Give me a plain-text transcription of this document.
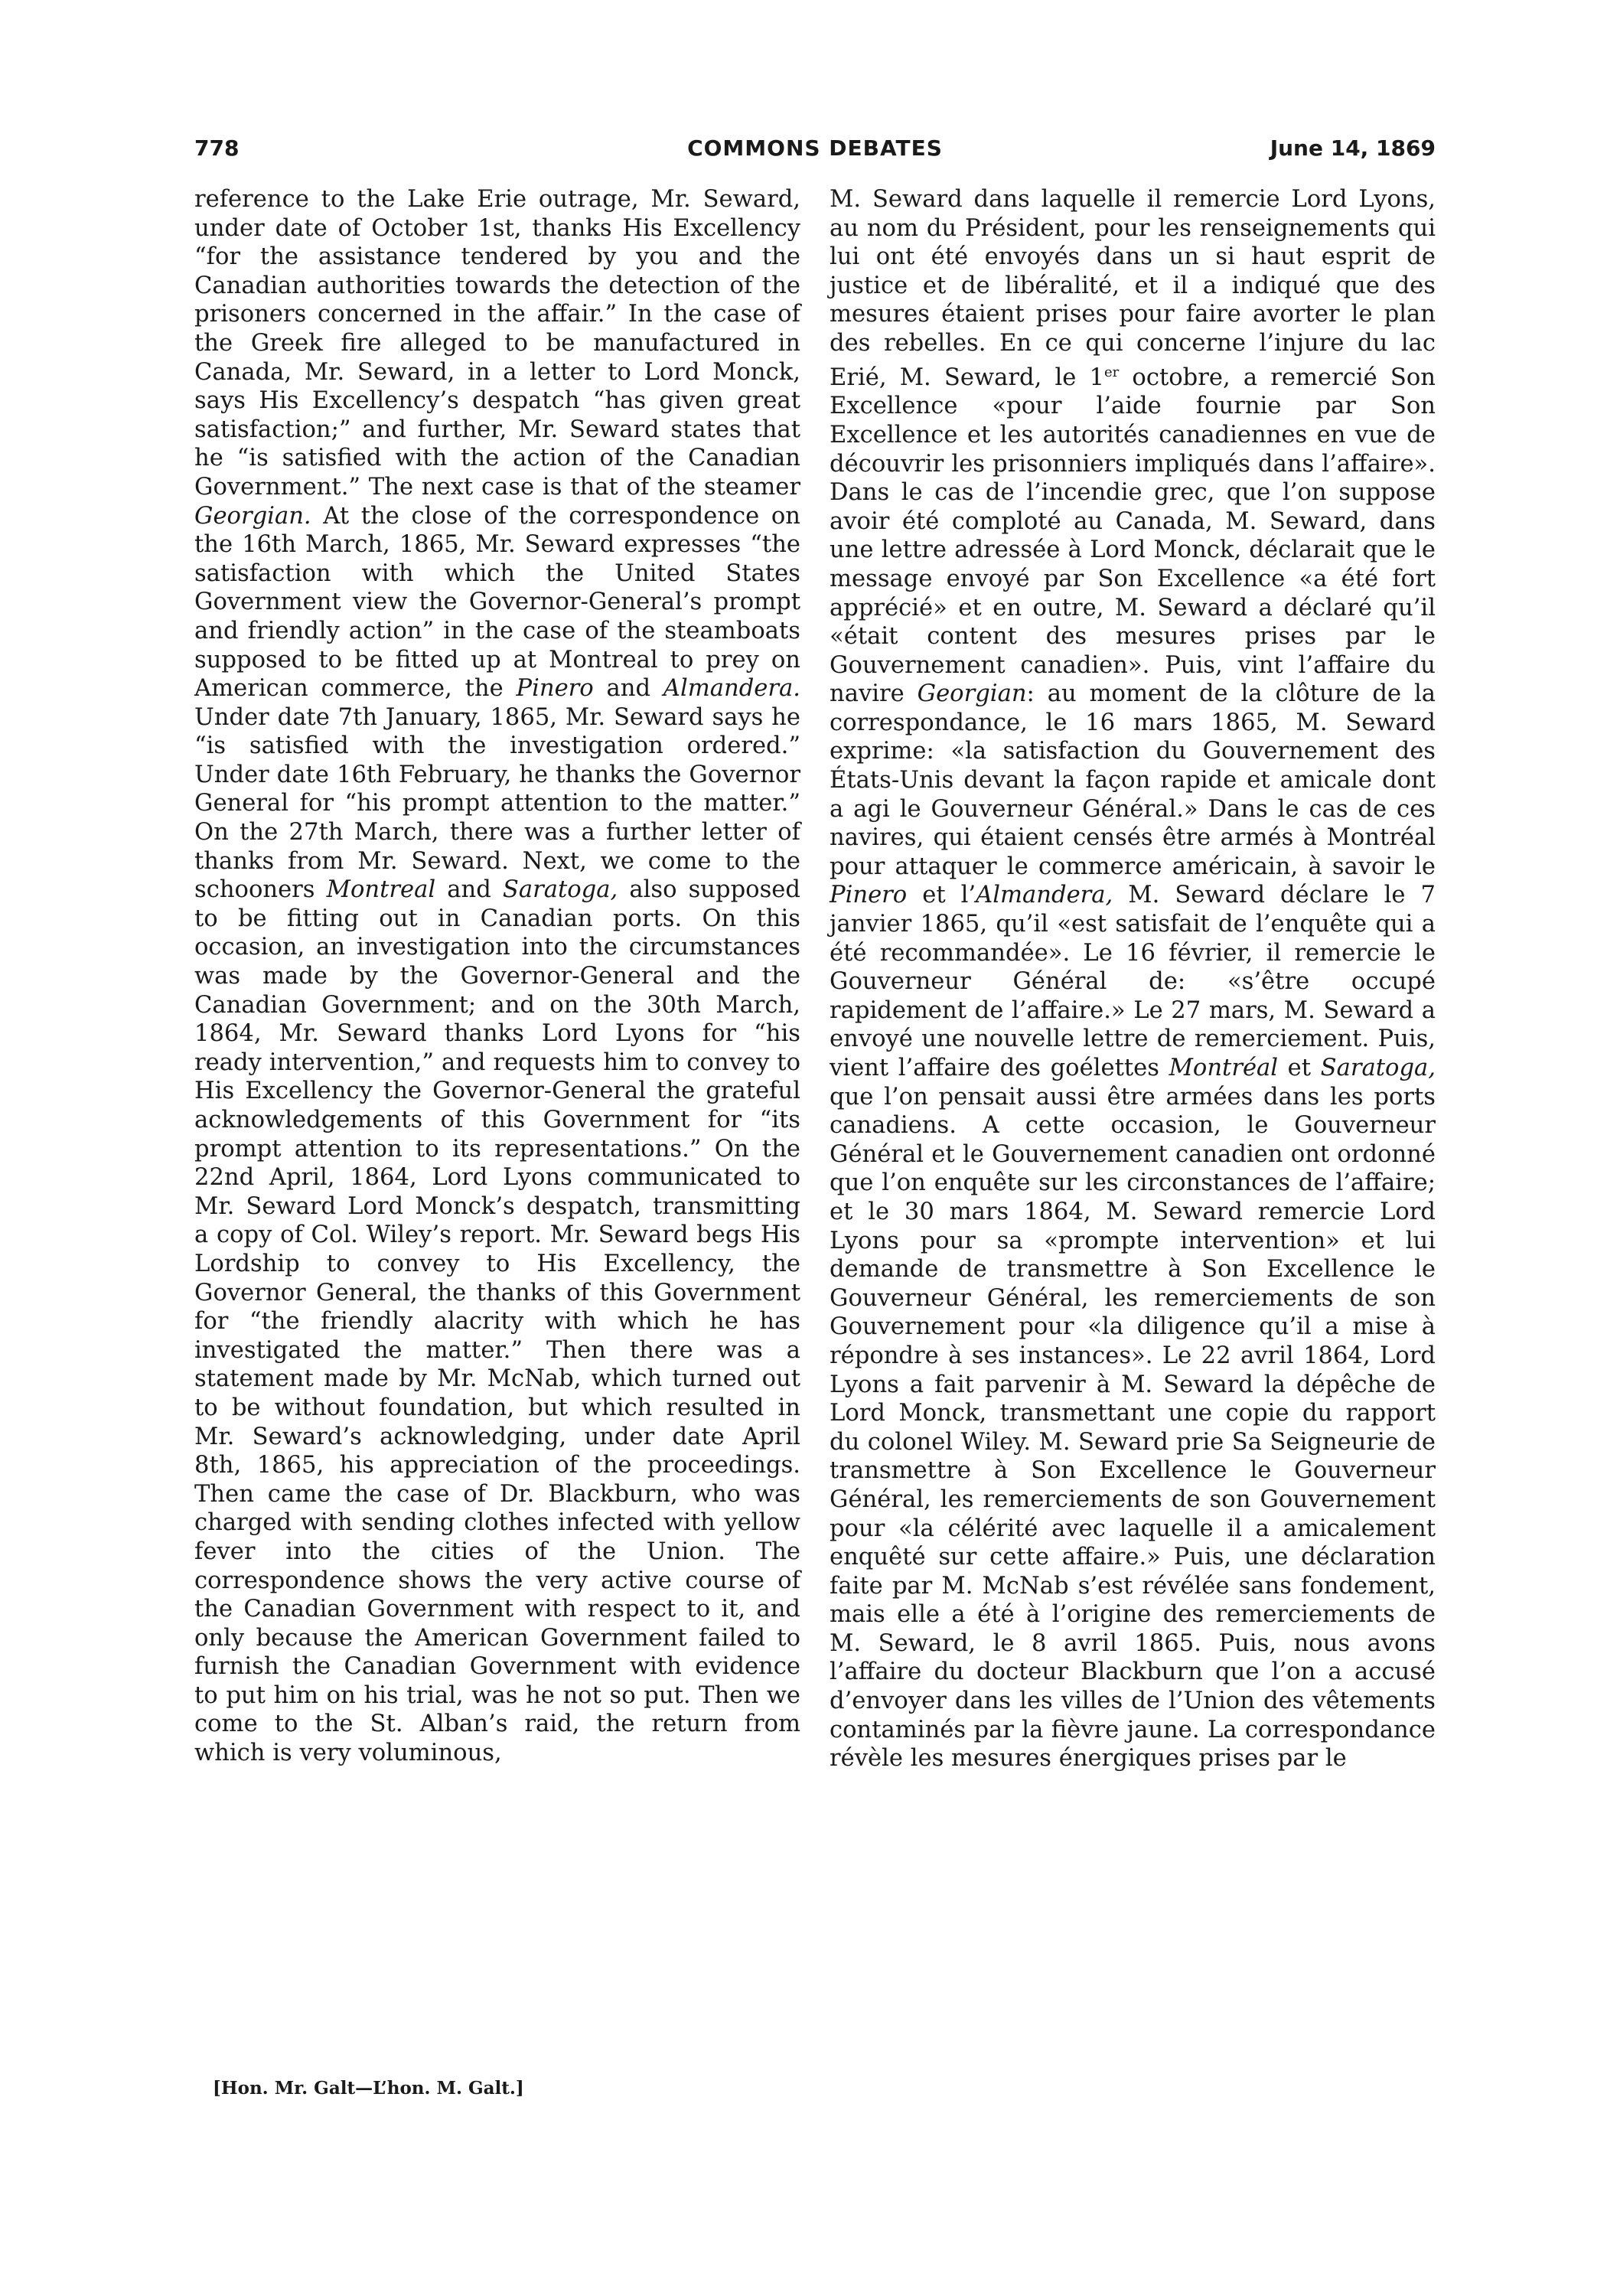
778	COMMONS DEBATES	June 14, 1869

reference to the Lake Erie outrage, Mr. Seward, under date of October 1st, thanks His Excellency “for the assistance tendered by you and the Canadian authorities towards the detection of the prisoners concerned in the affair.” In the case of the Greek fire alleged to be manufactured in Canada, Mr. Seward, in a letter to Lord Monck, says His Excellency’s despatch “has given great satisfaction;” and further, Mr. Seward states that he “is satisfied with the action of the Canadian Government.” The next case is that of the steamer Georgian. At the close of the correspondence on the 16th March, 1865, Mr. Seward expresses “the satisfaction with which the United States Government view the Governor-General’s prompt and friendly action” in the case of the steamboats supposed to be fitted up at Montreal to prey on American commerce, the Pinero and Almandera. Under date 7th January, 1865, Mr. Seward says he “is satisfied with the investigation ordered.” Under date 16th February, he thanks the Governor General for “his prompt attention to the matter.” On the 27th March, there was a further letter of thanks from Mr. Seward. Next, we come to the schooners Montreal and Saratoga, also supposed to be fitting out in Canadian ports. On this occasion, an investigation into the circumstances was made by the Governor-General and the Canadian Government; and on the 30th March, 1864, Mr. Seward thanks Lord Lyons for “his ready intervention,” and requests him to convey to His Excellency the Governor-General the grateful acknowledgements of this Government for “its prompt attention to its representations.” On the 22nd April, 1864, Lord Lyons communicated to Mr. Seward Lord Monck’s despatch, transmitting a copy of Col. Wiley’s report. Mr. Seward begs His Lordship to convey to His Excellency, the Governor General, the thanks of this Government for “the friendly alacrity with which he has investigated the matter.” Then there was a statement made by Mr. McNab, which turned out to be without foundation, but which resulted in Mr. Seward’s acknowledging, under date April 8th, 1865, his appreciation of the proceedings. Then came the case of Dr. Blackburn, who was charged with sending clothes infected with yellow fever into the cities of the Union. The correspondence shows the very active course of the Canadian Government with respect to it, and only because the American Government failed to furnish the Canadian Government with evidence to put him on his trial, was he not so put. Then we come to the St. Alban’s raid, the return from which is very voluminous,

M. Seward dans laquelle il remercie Lord Lyons, au nom du Président, pour les renseignements qui lui ont été envoyés dans un si haut esprit de justice et de libéralité, et il a indiqué que des mesures étaient prises pour faire avorter le plan des rebelles. En ce qui concerne l’injure du lac Erié, M. Seward, le 1er octobre, a remercié Son Excellence «pour l’aide fournie par Son Excellence et les autorités canadiennes en vue de découvrir les prisonniers impliqués dans l’affaire». Dans le cas de l’incendie grec, que l’on suppose avoir été comploté au Canada, M. Seward, dans une lettre adressée à Lord Monck, déclarait que le message envoyé par Son Excellence «a été fort apprécié» et en outre, M. Seward a déclaré qu’il «était content des mesures prises par le Gouvernement canadien». Puis, vint l’affaire du navire Georgian: au moment de la clôture de la correspondance, le 16 mars 1865, M. Seward exprime: «la satisfaction du Gouvernement des États-Unis devant la façon rapide et amicale dont a agi le Gouverneur Général.» Dans le cas de ces navires, qui étaient censés être armés à Montréal pour attaquer le commerce américain, à savoir le Pinero et l’Almandera, M. Seward déclare le 7 janvier 1865, qu’il «est satisfait de l’enquête qui a été recommandée». Le 16 février, il remercie le Gouverneur Général de: «s’être occupé rapidement de l’affaire.» Le 27 mars, M. Seward a envoyé une nouvelle lettre de remerciement. Puis, vient l’affaire des goélettes Montréal et Saratoga, que l’on pensait aussi être armées dans les ports canadiens. A cette occasion, le Gouverneur Général et le Gouvernement canadien ont ordonné que l’on enquête sur les circonstances de l’affaire; et le 30 mars 1864, M. Seward remercie Lord Lyons pour sa «prompte intervention» et lui demande de transmettre à Son Excellence le Gouverneur Général, les remerciements de son Gouvernement pour «la diligence qu’il a mise à répondre à ses instances». Le 22 avril 1864, Lord Lyons a fait parvenir à M. Seward la dépêche de Lord Monck, transmettant une copie du rapport du colonel Wiley. M. Seward prie Sa Seigneurie de transmettre à Son Excellence le Gouverneur Général, les remerciements de son Gouvernement pour «la célérité avec laquelle il a amicalement enquêté sur cette affaire.» Puis, une déclaration faite par M. McNab s’est révélée sans fondement, mais elle a été à l’origine des remerciements de M. Seward, le 8 avril 1865. Puis, nous avons l’affaire du docteur Blackburn que l’on a accusé d’envoyer dans les villes de l’Union des vêtements contaminés par la fièvre jaune. La correspondance révèle les mesures énergiques prises par le

[Hon. Mr. Galt—L’hon. M. Galt.]
